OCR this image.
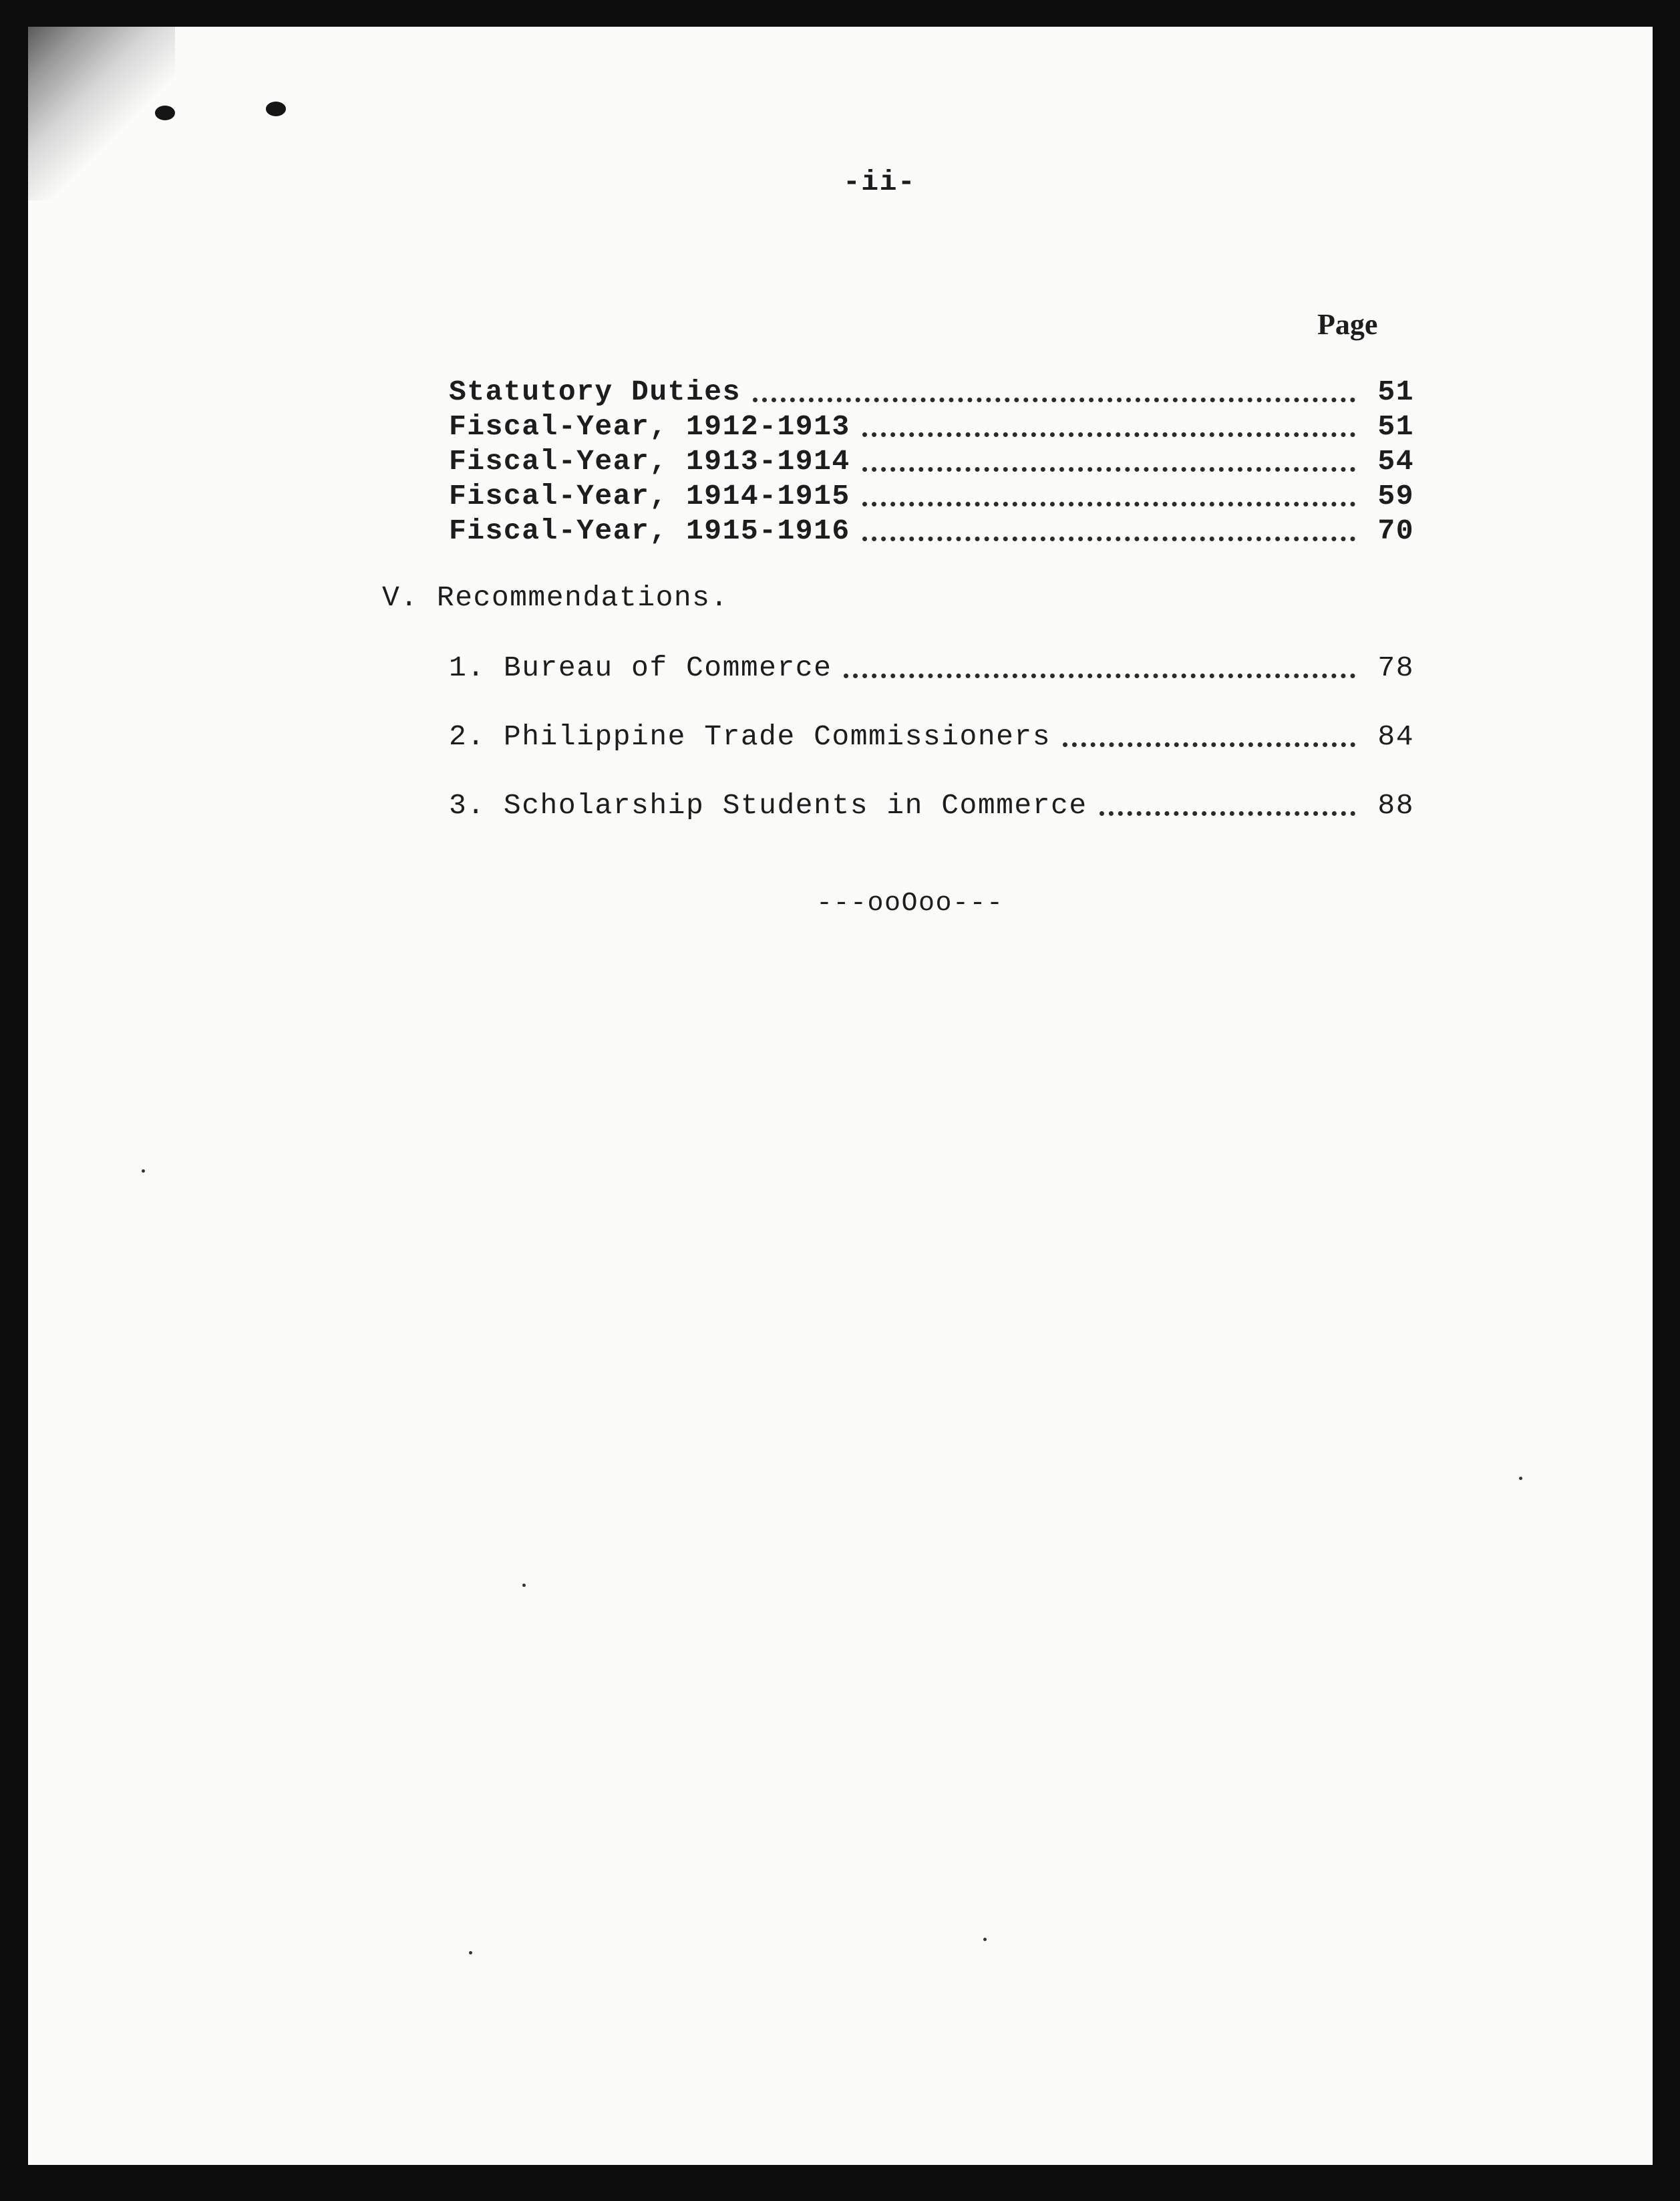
-ii-
Page
Statutory Duties	51
Fiscal-Year, 1912-1913	51
Fiscal-Year, 1913-1914	54
Fiscal-Year, 1914-1915	59
Fiscal-Year, 1915-1916	70
V. Recommendations.
1. Bureau of Commerce	78
2. Philippine Trade Commissioners	84
3. Scholarship Students in Commerce	88
---ooOoo---
